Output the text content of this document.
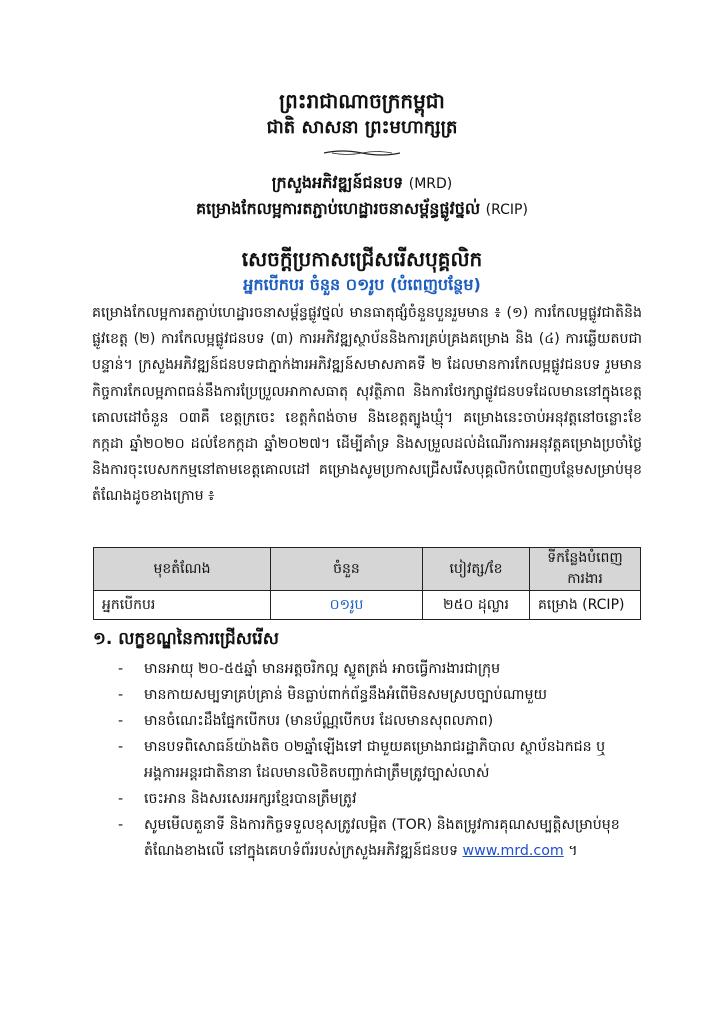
ព្រះរាជាណាចក្រកម្ពុជា
ជាតិ សាសនា ព្រះមហាក្សត្រ
ក្រសួងអភិវឌ្ឍន៍ជនបទ (MRD)
គម្រោងកែលម្អការតភ្ជាប់ហេដ្ឋារចនាសម្ព័ន្ធផ្លូវថ្នល់ (RCIP)
សេចក្តីប្រកាសជ្រើសរើសបុគ្គលិក
អ្នកបើកបរ ចំនួន ០១រូប (បំពេញបន្ថែម)
គម្រោងកែលម្អការតភ្ជាប់ហេដ្ឋារចនាសម្ព័ន្ធផ្លូវថ្នល់ មានធាតុផ្សំចំនួនបួនរួមមាន ៖ (១) ការកែលម្អផ្លូវជាតិនិងផ្លូវខេត្ត (២) ការកែលម្អផ្លូវជនបទ (៣) ការអភិវឌ្ឍស្ថាប័ននិងការគ្រប់គ្រងគម្រោង និង (៤) ការឆ្លើយតបជាបន្ទាន់។ ក្រសួងអភិវឌ្ឍន៍ជនបទជាភ្នាក់ងារអភិវឌ្ឍន៍សមាសភាគទី ២ ដែលមានការកែលម្អផ្លូវជនបទ រួមមានកិច្ចការកែលម្អភាពធន់នឹងការប្រែប្រួលអាកាសធាតុ សុវត្ថិភាព និងការថែរក្សាផ្លូវជនបទដែលមាននៅក្នុងខេត្តគោលដៅចំនួន ០៣គឺ ខេត្តក្រចេះ ខេត្តកំពង់ចាម និងខេត្តត្បូងឃ្មុំ។ គម្រោងនេះចាប់អនុវត្តនៅចន្លោះខែកក្កដា ឆ្នាំ២០២០ ដល់ខែកក្កដា ឆ្នាំ២០២៧។ ដើម្បីគាំទ្រ និងសម្រួលដល់ដំណើរការអនុវត្តគម្រោងប្រចាំថ្ងៃ និងការចុះបេសកកម្មនៅតាមខេត្តគោលដៅ គម្រោងសូមប្រកាសជ្រើសរើសបុគ្គលិកបំពេញបន្ថែមសម្រាប់មុខតំណែងដូចខាងក្រោម ៖
មុខតំណែង	ចំនួន	បៀវត្ស/ខែ	ទីកន្លែងបំពេញការងារ
អ្នកបើកបរ	០១រូប	២៥០ ដុល្លារ	គម្រោង (RCIP)
១. លក្ខខណ្ឌនៃការជ្រើសរើស
- មានអាយុ ២០-៥៥ឆ្នាំ មានអត្តចរិកល្អ ស្លូតត្រង់ អាចធ្វើការងារជាក្រុម
- មានកាយសម្បទាគ្រប់គ្រាន់ មិនធ្លាប់ពាក់ព័ន្ធនឹងអំពើមិនសមស្របច្បាប់ណាមួយ
- មានចំណេះដឹងផ្នែកបើកបរ (មានប័ណ្ណបើកបរ ដែលមានសុពលភាព)
- មានបទពិសោធន៍យ៉ាងតិច ០២ឆ្នាំឡើងទៅ ជាមួយគម្រោងរាជរដ្ឋាភិបាល ស្ថាប័នឯកជន ឬអង្គការអន្តរជាតិនានា ដែលមានលិខិតបញ្ជាក់ជាត្រឹមត្រូវច្បាស់លាស់
- ចេះអាន និងសរសេរអក្សរខ្មែរបានត្រឹមត្រូវ
- សូមមើលតួនាទី និងការកិច្ចទទួលខុសត្រូវលម្អិត (TOR) និងតម្រូវការគុណសម្បត្តិសម្រាប់មុខតំណែងខាងលើ នៅក្នុងគេហទំព័ររបស់ក្រសួងអភិវឌ្ឍន៍ជនបទ www.mrd.com ។
